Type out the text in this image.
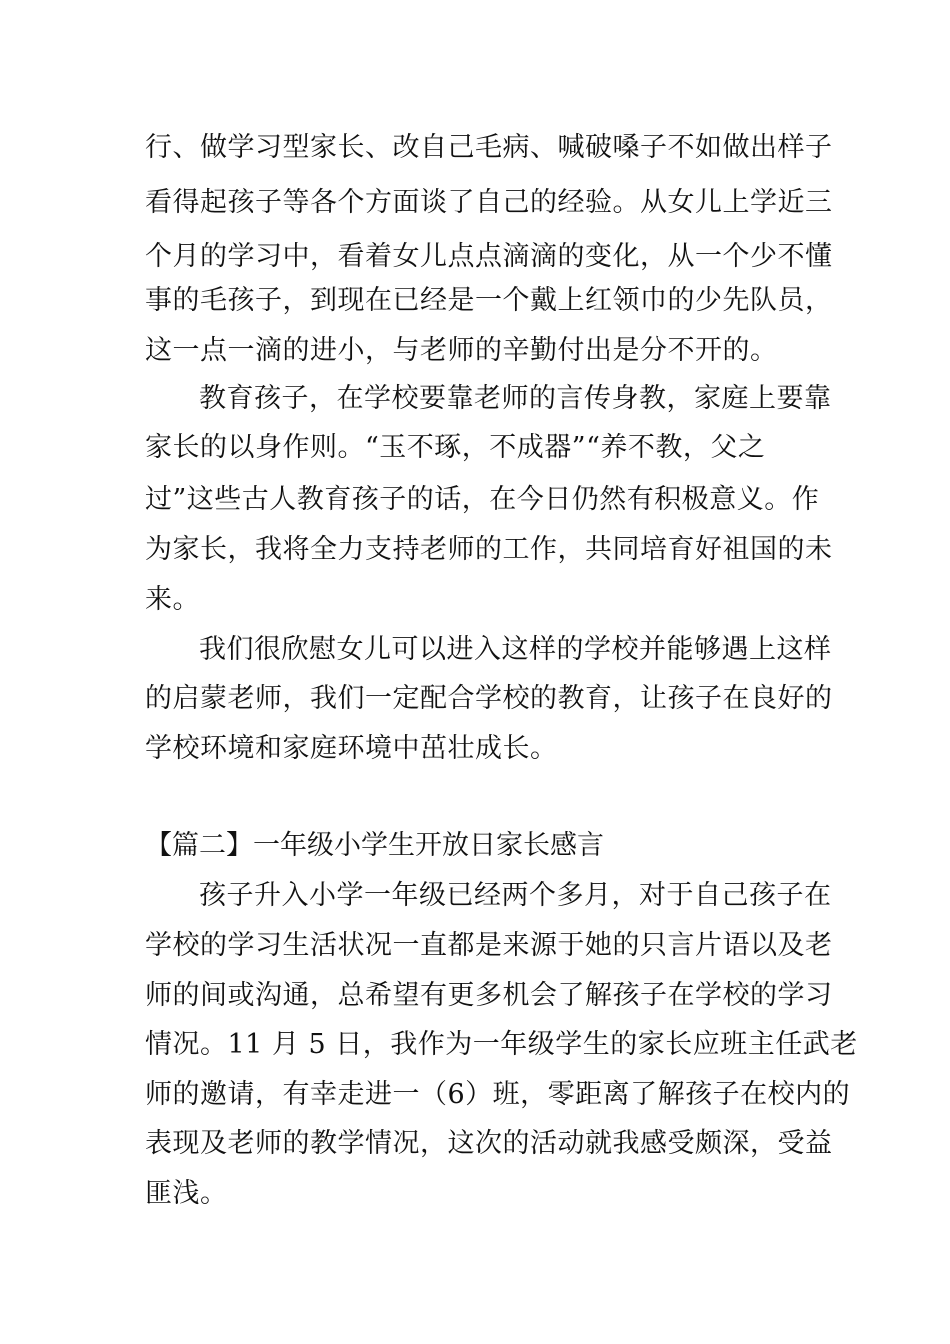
行、做学习型家长、改自己毛病、喊破嗓子不如做出样子
看得起孩子等各个方面谈了自己的经验。从女儿上学近三
个月的学习中，看着女儿点点滴滴的变化，从一个少不懂
事的毛孩子，到现在已经是一个戴上红领巾的少先队员，
这一点一滴的进小，与老师的辛勤付出是分不开的。
教育孩子，在学校要靠老师的言传身教，家庭上要靠
家长的以身作则。“玉不琢，不成器”“养不教，父之
过”这些古人教育孩子的话，在今日仍然有积极意义。作
为家长，我将全力支持老师的工作，共同培育好祖国的未
来。
我们很欣慰女儿可以进入这样的学校并能够遇上这样
的启蒙老师，我们一定配合学校的教育，让孩子在良好的
学校环境和家庭环境中茁壮成长。
【篇二】一年级小学生开放日家长感言
孩子升入小学一年级已经两个多月，对于自己孩子在
学校的学习生活状况一直都是来源于她的只言片语以及老
师的间或沟通，总希望有更多机会了解孩子在学校的学习
情况。11 月 5 日，我作为一年级学生的家长应班主任武老
师的邀请，有幸走进一（6）班，零距离了解孩子在校内的
表现及老师的教学情况，这次的活动就我感受颇深，受益
匪浅。
